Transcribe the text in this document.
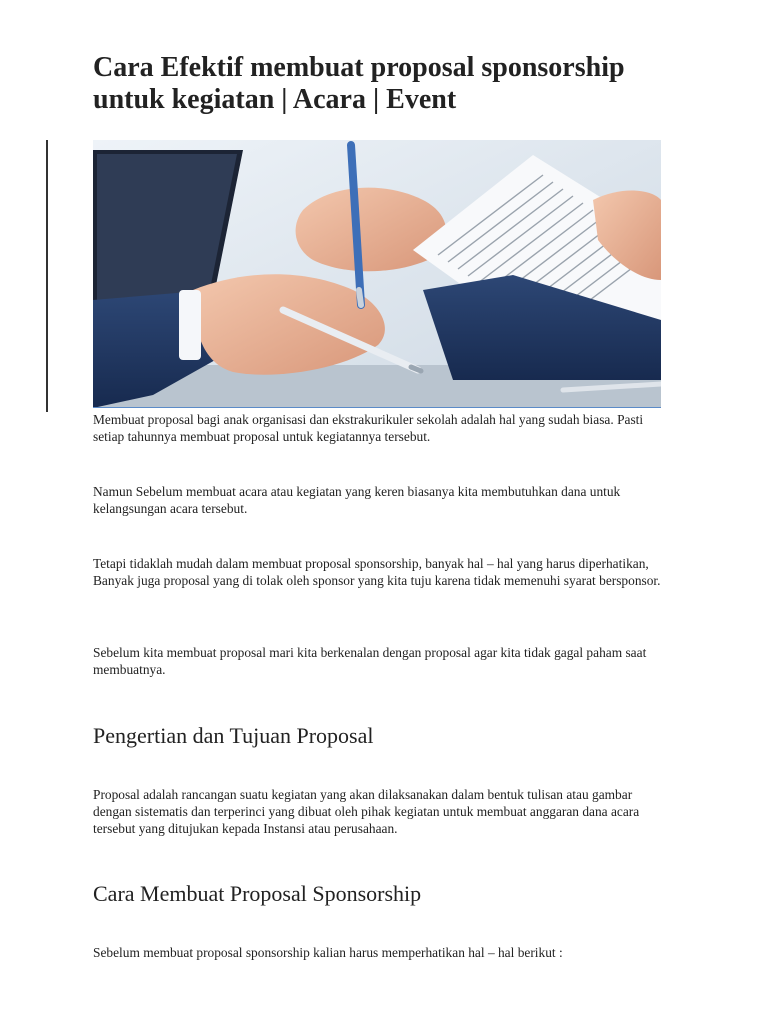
Cara Efektif membuat proposal sponsorship untuk kegiatan | Acara | Event

Membuat proposal bagi anak organisasi dan ekstrakurikuler sekolah adalah hal yang sudah biasa. Pasti setiap tahunnya membuat proposal untuk kegiatannya tersebut.

Namun Sebelum membuat acara atau kegiatan yang keren biasanya kita membutuhkan dana untuk kelangsungan acara tersebut.

Tetapi tidaklah mudah dalam membuat proposal sponsorship, banyak hal – hal yang harus diperhatikan, Banyak juga proposal yang di tolak oleh sponsor yang kita tuju karena tidak memenuhi syarat bersponsor.

Sebelum kita membuat proposal mari kita berkenalan dengan proposal agar kita tidak gagal paham saat membuatnya.

Pengertian dan Tujuan Proposal

Proposal adalah rancangan suatu kegiatan yang akan dilaksanakan dalam bentuk tulisan atau gambar dengan sistematis dan terperinci yang dibuat oleh pihak kegiatan untuk membuat anggaran dana acara tersebut yang ditujukan kepada Instansi atau perusahaan.

Cara Membuat Proposal Sponsorship

Sebelum membuat proposal sponsorship kalian harus memperhatikan hal – hal berikut :
